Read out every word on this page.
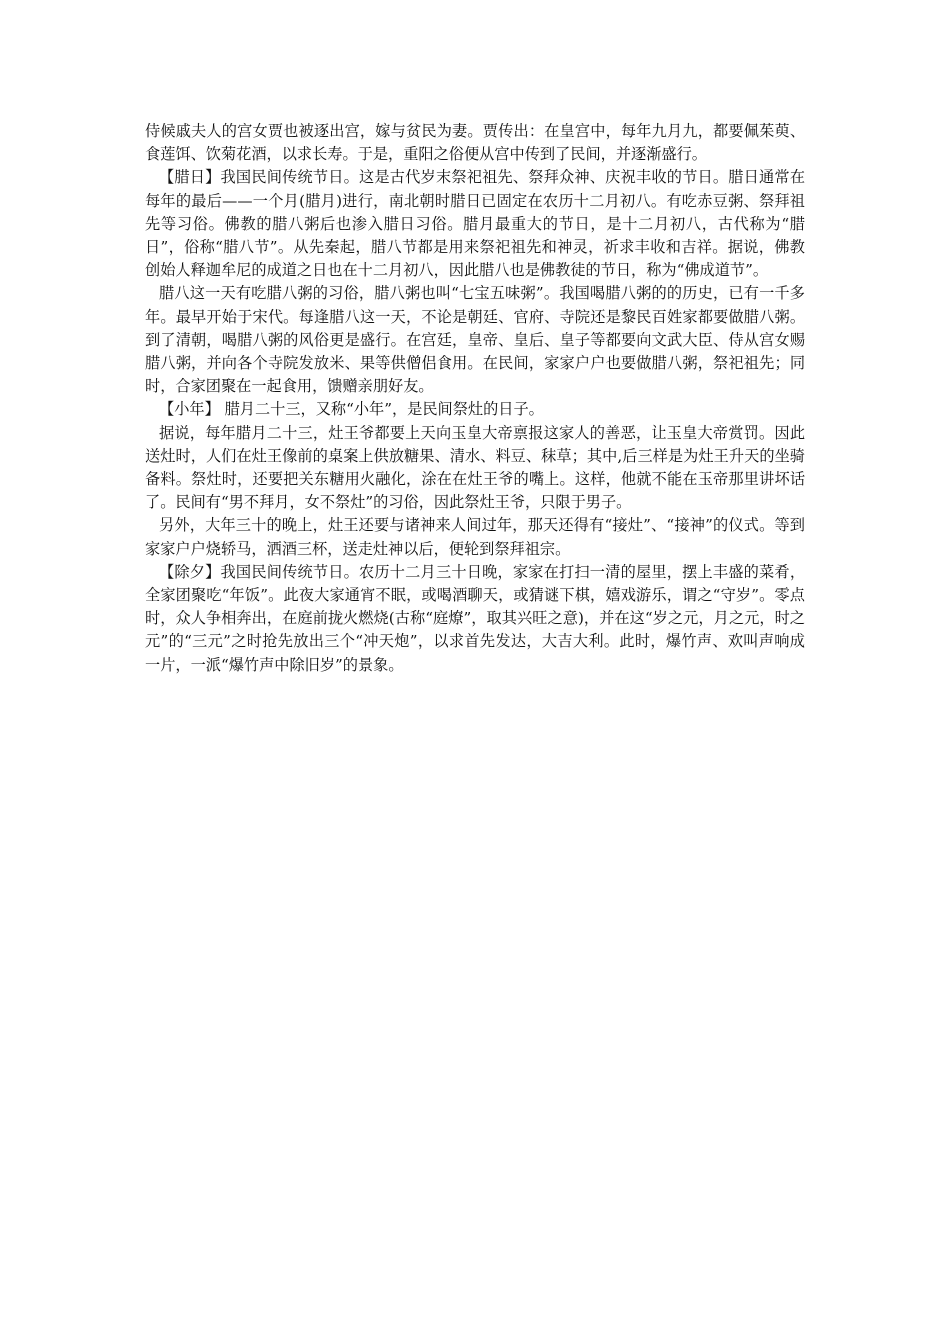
侍候戚夫人的宫女贾也被逐出宫，嫁与贫民为妻。贾传出：在皇宫中，每年九月九，都要佩茱萸、食莲饵、饮菊花酒，以求长寿。于是，重阳之俗便从宫中传到了民间，并逐渐盛行。

【腊日】我国民间传统节日。这是古代岁末祭祀祖先、祭拜众神、庆祝丰收的节日。腊日通常在每年的最后——一个月(腊月)进行，南北朝时腊日已固定在农历十二月初八。有吃赤豆粥、祭拜祖先等习俗。佛教的腊八粥后也渗入腊日习俗。腊月最重大的节日，是十二月初八，古代称为“腊日”，俗称“腊八节”。从先秦起，腊八节都是用来祭祀祖先和神灵，祈求丰收和吉祥。据说，佛教创始人释迦牟尼的成道之日也在十二月初八，因此腊八也是佛教徒的节日，称为“佛成道节”。

腊八这一天有吃腊八粥的习俗，腊八粥也叫“七宝五味粥”。我国喝腊八粥的的历史，已有一千多年。最早开始于宋代。每逢腊八这一天，不论是朝廷、官府、寺院还是黎民百姓家都要做腊八粥。到了清朝，喝腊八粥的风俗更是盛行。在宫廷，皇帝、皇后、皇子等都要向文武大臣、侍从宫女赐腊八粥，并向各个寺院发放米、果等供僧侣食用。在民间，家家户户也要做腊八粥，祭祀祖先；同时，合家团聚在一起食用，馈赠亲朋好友。

【小年】 腊月二十三，又称“小年”，是民间祭灶的日子。

据说，每年腊月二十三，灶王爷都要上天向玉皇大帝禀报这家人的善恶，让玉皇大帝赏罚。因此送灶时，人们在灶王像前的桌案上供放糖果、清水、料豆、秣草；其中,后三样是为灶王升天的坐骑备料。祭灶时，还要把关东糖用火融化，涂在在灶王爷的嘴上。这样，他就不能在玉帝那里讲坏话了。民间有“男不拜月，女不祭灶”的习俗，因此祭灶王爷，只限于男子。

另外，大年三十的晚上，灶王还要与诸神来人间过年，那天还得有“接灶”、“接神”的仪式。等到家家户户烧轿马，洒酒三杯，送走灶神以后，便轮到祭拜祖宗。

【除夕】我国民间传统节日。农历十二月三十日晚，家家在打扫一清的屋里，摆上丰盛的菜肴，全家团聚吃“年饭”。此夜大家通宵不眠，或喝酒聊天，或猜谜下棋，嬉戏游乐，谓之“守岁”。零点时，众人争相奔出，在庭前拢火燃烧(古称“庭燎”，取其兴旺之意)，并在这“岁之元，月之元，时之元”的“三元”之时抢先放出三个“冲天炮”，以求首先发达，大吉大利。此时，爆竹声、欢叫声响成一片，一派“爆竹声中除旧岁”的景象。
